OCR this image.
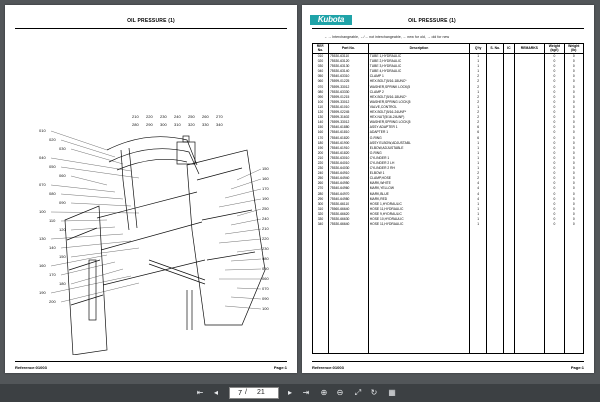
OIL PRESSURE (1)
010
020
030
040
050
060
070
080
090
100
110
120
130
140
150
160
170
180
190
200
210 220 230 240 250 260 270
280 290 300 310 320 330 340
150
160
170
190
250
240
210
220
230
080
050
060
070
090
100
Reference:01003	Page:1
Kubota	OIL PRESSURE (1)
←→ Interchangeable, ←/→ not interchangeable, ← new for old, → old for new
REF. No.	Part No.	Description	Q'ty	S. No.	IC	REMARKS	Weight (kg/l)	Weight (lb)
010	75530-63110	TUBE 1,HYDRAULIC	1				0	0
020	75530-63120	TUBE 2,HYDRAULIC	1				0	0
030	75530-63130	TUBE 3,HYDRAULIC	1				0	0
040	75530-63140	TUBE 4,HYDRAULIC	1				0	0
050	75540-63310	CLAMP 1	2				0	0
060	75599-01225	HEX.BOLT(5/16-18UNC*	2				0	0
070	75599-33012	WASHER,SPRINK LOCK(5	2				0	0
080	75530-63330	CLAMP 2	1				0	0
090	75599-01215	HEX.BOLT(5/16-18UNC*	2				0	0
100	75599-33012	WASHER,SPRING LOCK(5	2				0	0
110	75530-61010	VALVE,CONTROL	1				0	0
120	75599-02245	HEX.BOLT(5/16-24UNF*	2				0	0
130	75599-31602	HEX.NUT(5/16-24UNF)	2				0	0
140	75599-33012	WASHER,SPRING LOCK(5	2				0	0
150	75540-61880	ASSY ADAPTER 1	6				0	0
160	75540-61810	ADAPTER 1	6				0	0
170	75540-61820	O-RING	6				0	0
180	75540-61900	ASSY ELBOW,ADJUSTABL	1				0	0
190	75540-61910	ELBOW,ADJUSTABLE	1				0	0
200	75540-61820	O-RING	1				0	0
210	75530-63010	CYLINDER 1	1				0	0
220	75530-64010	CYLINDER 2 LH	1				0	0
230	75530-64030	CYLINDER 2 RH	1				0	0
240	75540-64910	ELBOW 1	2				0	0
250	75540-64940	CLAMP,HOSE	2				0	0
260	75540-64950	MARK,WHITE	4				0	0
270	75540-64960	MARK,YELLOW	4				0	0
280	75540-64970	MARK,BLUE	4				0	0
290	75540-64980	MARK,RED	4				0	0
300	75530-66110	HOSE 1,HYDRAULIC	1				0	0
310	75560-66640	HOSE 11,HYDRAULIC	1				0	0
320	75530-66620	HOSE 9,HYDRAULIC	1				0	0
330	75530-66630	HOSE 10,HYDRAULIC	1				0	0
340	75530-66640	HOSE 11,HYDRAULIC	1				0	0

Reference:01003	Page:1
⇤	◂
7	/ 21	▸	⇥	⊕	⊖	⤢	↻	▦
